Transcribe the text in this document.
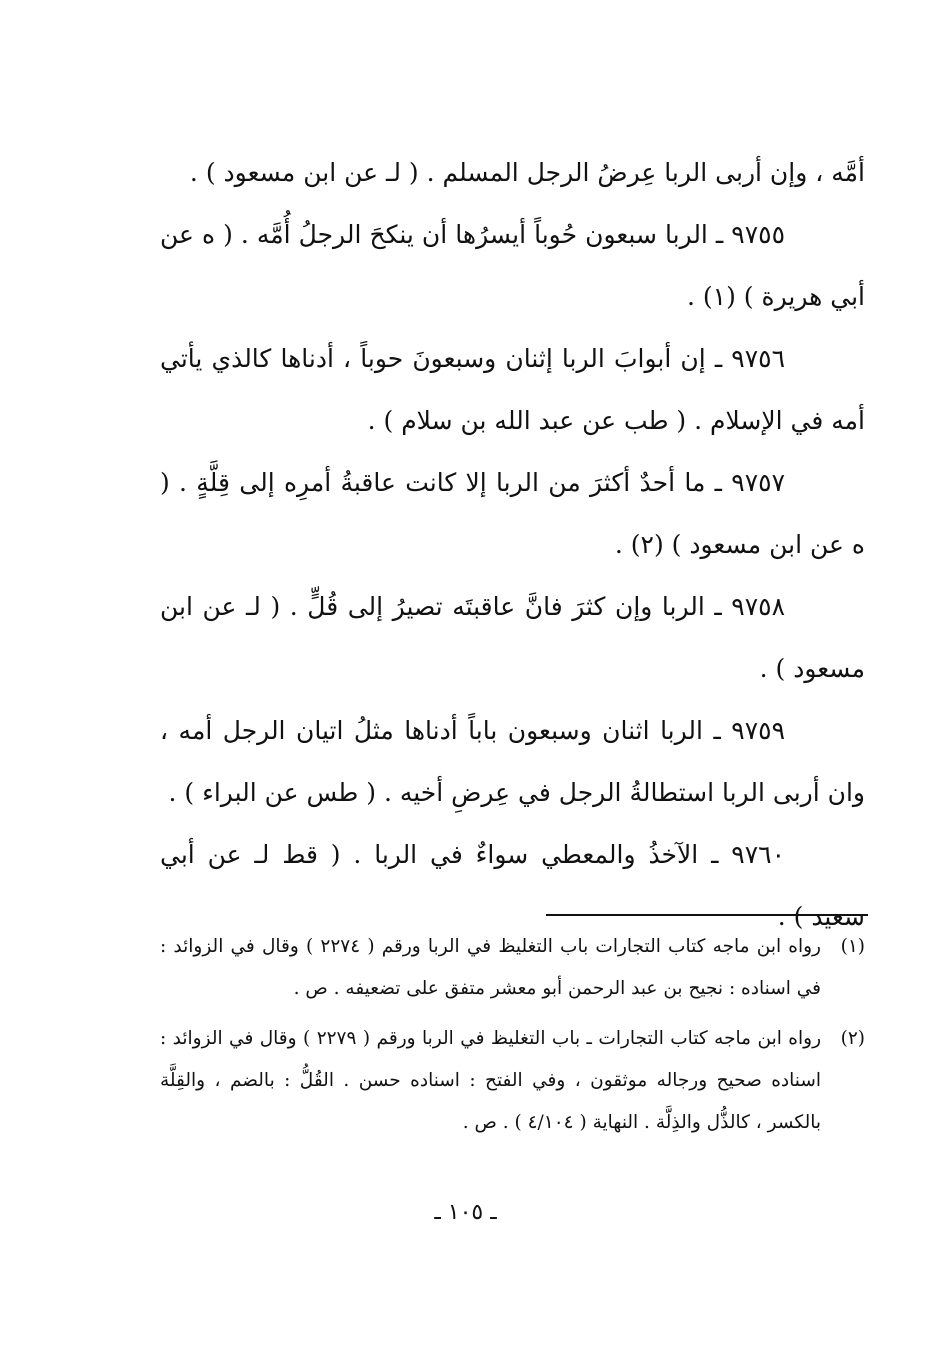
أمَّه ، وإن أربى الربا عِرضُ الرجل المسلم . ( لـ عن ابن مسعود ) .

٩٧٥٥ ـ الربا سبعون حُوباً أيسرُها أن ينكحَ الرجلُ أُمَّه . ( ه عن أبي هريرة ) (١) .

٩٧٥٦ ـ إن أبوابَ الربا إثنان وسبعونَ حوباً ، أدناها كالذي يأتي أمه في الإسلام . ( طب عن عبد الله بن سلام ) .

٩٧٥٧ ـ ما أحدٌ أكثرَ من الربا إلا كانت عاقبةُ أمرِه إلى قِلَّةٍ . ( ه عن ابن مسعود ) (٢) .

٩٧٥٨ ـ الربا وإن كثرَ فانَّ عاقبتَه تصيرُ إلى قُلٍّ . ( لـ عن ابن مسعود ) .

٩٧٥٩ ـ الربا اثنان وسبعون باباً أدناها مثلُ اتيان الرجل أمه ، وان أربى الربا استطالةُ الرجل في عِرضِ أخيه . ( طس عن البراء ) .

٩٧٦٠ ـ الآخذُ والمعطي سواءٌ في الربا . ( قط لـ عن أبي سعيد ) .

(١)
رواه ابن ماجه كتاب التجارات باب التغليظ في الربا ورقم ( ٢٢٧٤ ) وقال في الزوائد : في اسناده : نجيح بن عبد الرحمن أبو معشر متفق على تضعيفه . ص .

(٢)
رواه ابن ماجه كتاب التجارات ـ باب التغليظ في الربا ورقم ( ٢٢٧٩ ) وقال في الزوائد : اسناده صحيح ورجاله موثقون ، وفي الفتح : اسناده حسن . القُلُّ : بالضم ، والقِلَّة بالكسر ، كالذُّل والذِلَّة . النهاية ( ٤/١٠٤ ) . ص .

ـ ١٠٥ ـ
